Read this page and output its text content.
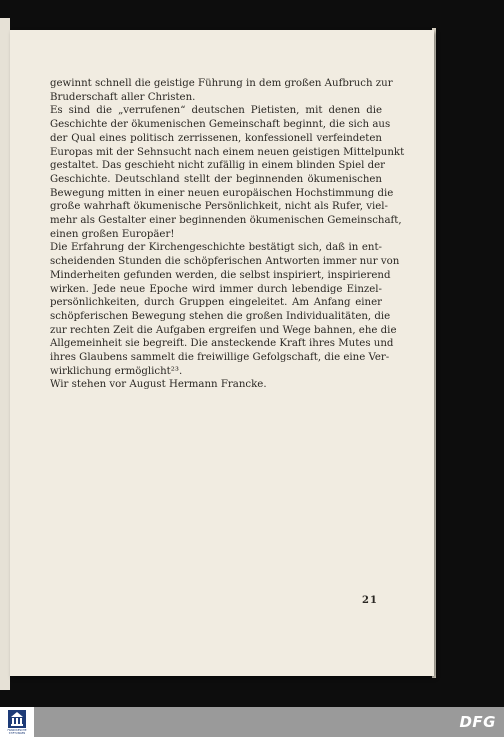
gewinnt schnell die geistige Führung in dem großen Aufbruch zur
Bruderschaft aller Christen.
Es sind die „verrufenen“ deutschen Pietisten, mit denen die
Geschichte der ökumenischen Gemeinschaft beginnt, die sich aus
der Qual eines politisch zerrissenen, konfessionell verfeindeten
Europas mit der Sehnsucht nach einem neuen geistigen Mittelpunkt
gestaltet. Das geschieht nicht zufällig in einem blinden Spiel der
Geschichte. Deutschland stellt der beginnenden ökumenischen
Bewegung mitten in einer neuen europäischen Hochstimmung die
große wahrhaft ökumenische Persönlichkeit, nicht als Rufer, viel-
mehr als Gestalter einer beginnenden ökumenischen Gemeinschaft,
einen großen Europäer!
Die Erfahrung der Kirchengeschichte bestätigt sich, daß in ent-
scheidenden Stunden die schöpferischen Antworten immer nur von
Minderheiten gefunden werden, die selbst inspiriert, inspirierend
wirken. Jede neue Epoche wird immer durch lebendige Einzel-
persönlichkeiten, durch Gruppen eingeleitet. Am Anfang einer
schöpferischen Bewegung stehen die großen Individualitäten, die
zur rechten Zeit die Aufgaben ergreifen und Wege bahnen, ehe die
Allgemeinheit sie begreift. Die ansteckende Kraft ihres Mutes und
ihres Glaubens sammelt die freiwillige Gefolgschaft, die eine Ver-
wirklichung ermöglicht²³.
Wir stehen vor August Hermann Francke.
21
FRANCKESCHE STIFTUNGEN
DFG
